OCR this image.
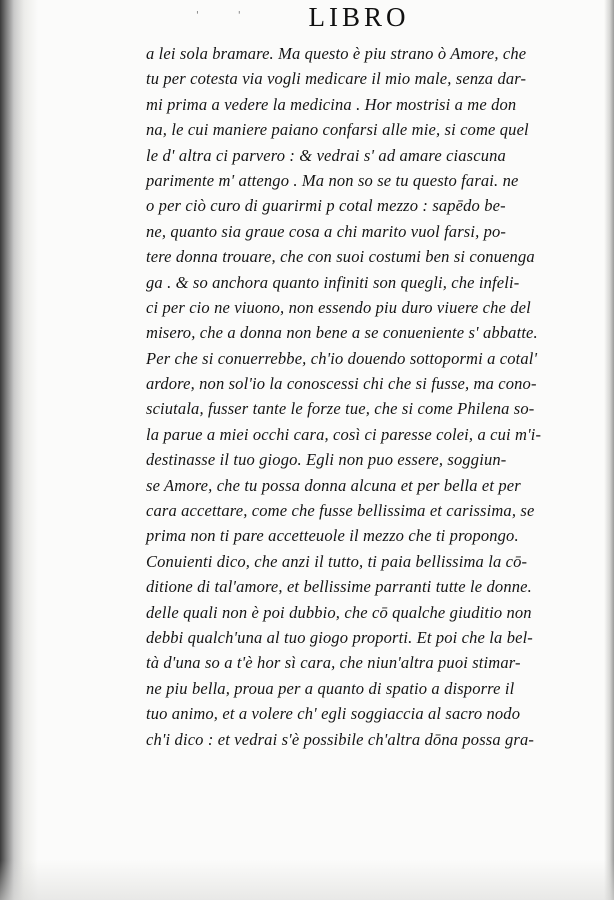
' '	LIBRO
a lei sola bramare. Ma questo è piu strano ò Amore, che
tu per cotesta via vogli medicare il mio male, senza dar-
mi prima a vedere la medicina . Hor mostrisi a me don
na, le cui maniere paiano confarsi alle mie, si come quel
le d' altra ci parvero : & vedrai s' ad amare ciascuna
parimente m' attengo . Ma non so se tu questo farai. ne
o per ciò curo di guarirmi p cotal mezzo : sapēdo be-
ne, quanto sia graue cosa a chi marito vuol farsi, po-
tere donna trouare, che con suoi costumi ben si conuenga
ga . & so anchora quanto infiniti son quegli, che infeli-
ci per cio ne viuono, non essendo piu duro viuere che del
misero, che a donna non bene a se conueniente s' abbatte.
Per che si conuerrebbe, ch'io douendo sottopormi a cotal'
ardore, non sol'io la conoscessi chi che si fusse, ma cono-
sciutala, fusser tante le forze tue, che si come Philena so-
la parue a miei occhi cara, così ci paresse colei, a cui m'i-
destinasse il tuo giogo. Egli non puo essere, soggiun-
se Amore, che tu possa donna alcuna et per bella et per
cara accettare, come che fusse bellissima et carissima, se
prima non ti pare accetteuole il mezzo che ti propongo.
Conuienti dico, che anzi il tutto, ti paia bellissima la cō-
ditione di tal'amore, et bellissime parranti tutte le donne.
delle quali non è poi dubbio, che cō qualche giuditio non
debbi qualch'una al tuo giogo proporti. Et poi che la bel-
tà d'una so a t'è hor sì cara, che niun'altra puoi stimar-
ne piu bella, proua per a quanto di spatio a disporre il
tuo animo, et a volere ch' egli soggiaccia al sacro nodo
ch'i dico : et vedrai s'è possibile ch'altra dōna possa gra-
